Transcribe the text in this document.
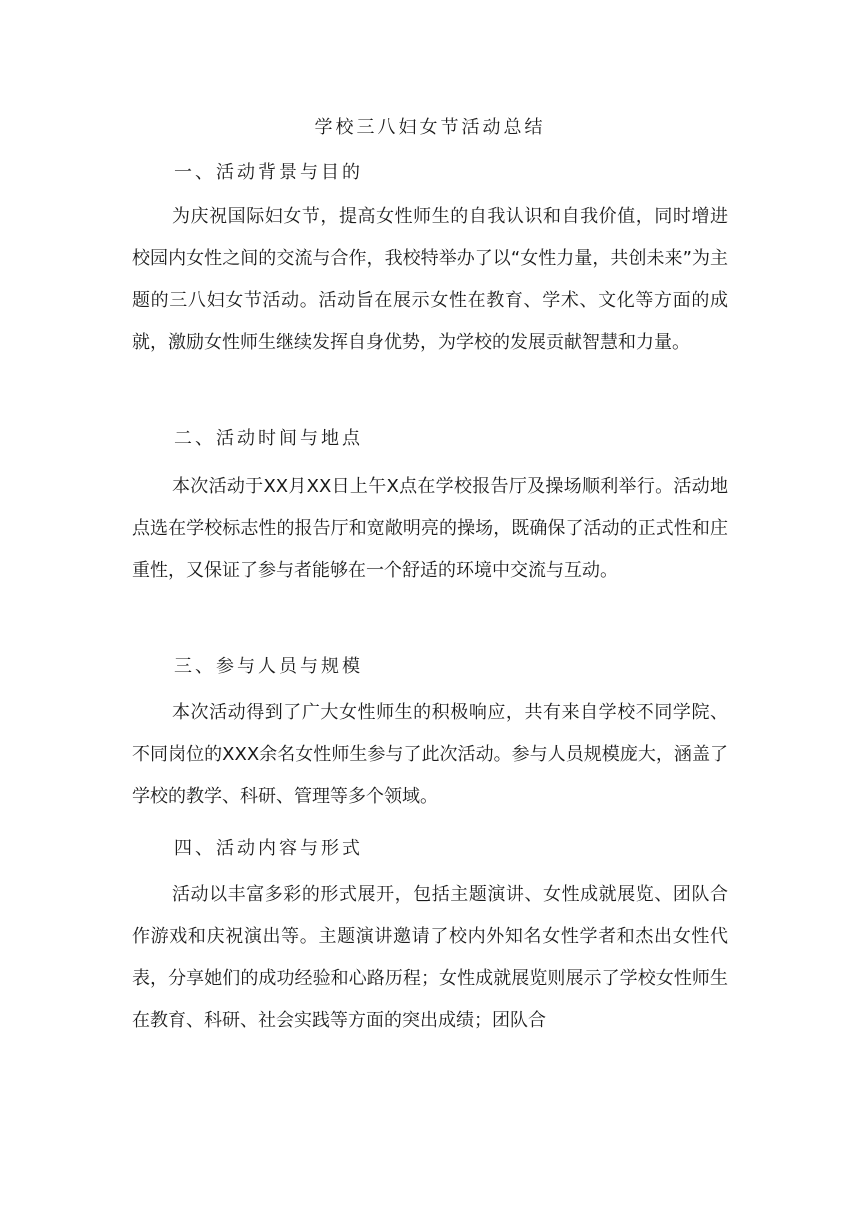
学校三八妇女节活动总结
一、活动背景与目的
为庆祝国际妇女节，提高女性师生的自我认识和自我价值，同时增进校园内女性之间的交流与合作，我校特举办了以“女性力量，共创未来”为主题的三八妇女节活动。活动旨在展示女性在教育、学术、文化等方面的成就，激励女性师生继续发挥自身优势，为学校的发展贡献智慧和力量。
二、活动时间与地点
本次活动于XX月XX日上午X点在学校报告厅及操场顺利举行。活动地点选在学校标志性的报告厅和宽敞明亮的操场，既确保了活动的正式性和庄重性，又保证了参与者能够在一个舒适的环境中交流与互动。
三、参与人员与规模
本次活动得到了广大女性师生的积极响应，共有来自学校不同学院、不同岗位的XXX余名女性师生参与了此次活动。参与人员规模庞大，涵盖了学校的教学、科研、管理等多个领域。
四、活动内容与形式
活动以丰富多彩的形式展开，包括主题演讲、女性成就展览、团队合作游戏和庆祝演出等。主题演讲邀请了校内外知名女性学者和杰出女性代表，分享她们的成功经验和心路历程；女性成就展览则展示了学校女性师生在教育、科研、社会实践等方面的突出成绩；团队合
